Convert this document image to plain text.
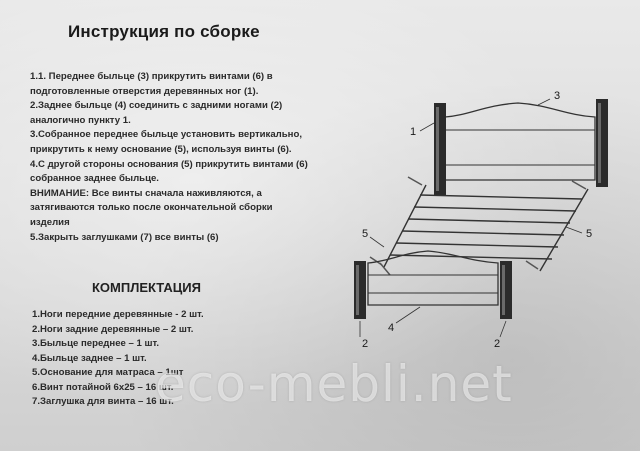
Инструкция по сборке
1.1. Переднее быльце (3) прикрутить винтами (6) в
подготовленные отверстия деревянных ног (1).
2.Заднее быльце (4) соединить с задними ногами (2)
аналогично пункту 1.
3.Собранное переднее быльце установить вертикально,
прикрутить к нему основание (5), используя винты (6).
4.С другой стороны основания (5) прикрутить винтами (6)
собранное заднее быльце.
ВНИМАНИЕ: Все винты сначала наживляются, а
затягиваются только после окончательной сборки
изделия
5.Закрыть заглушками (7) все винты (6)
КОМПЛЕКТАЦИЯ
1.Ноги передние деревянные - 2 шт.
2.Ноги задние деревянные – 2 шт.
3.Быльце переднее – 1 шт.
4.Быльце заднее – 1 шт.
5.Основание для матраса – 1шт
6.Винт потайной 6х25 – 16 шт.
7.Заглушка для винта – 16 шт.
1
3
5	5
4
2	2
eco-mebli.net
